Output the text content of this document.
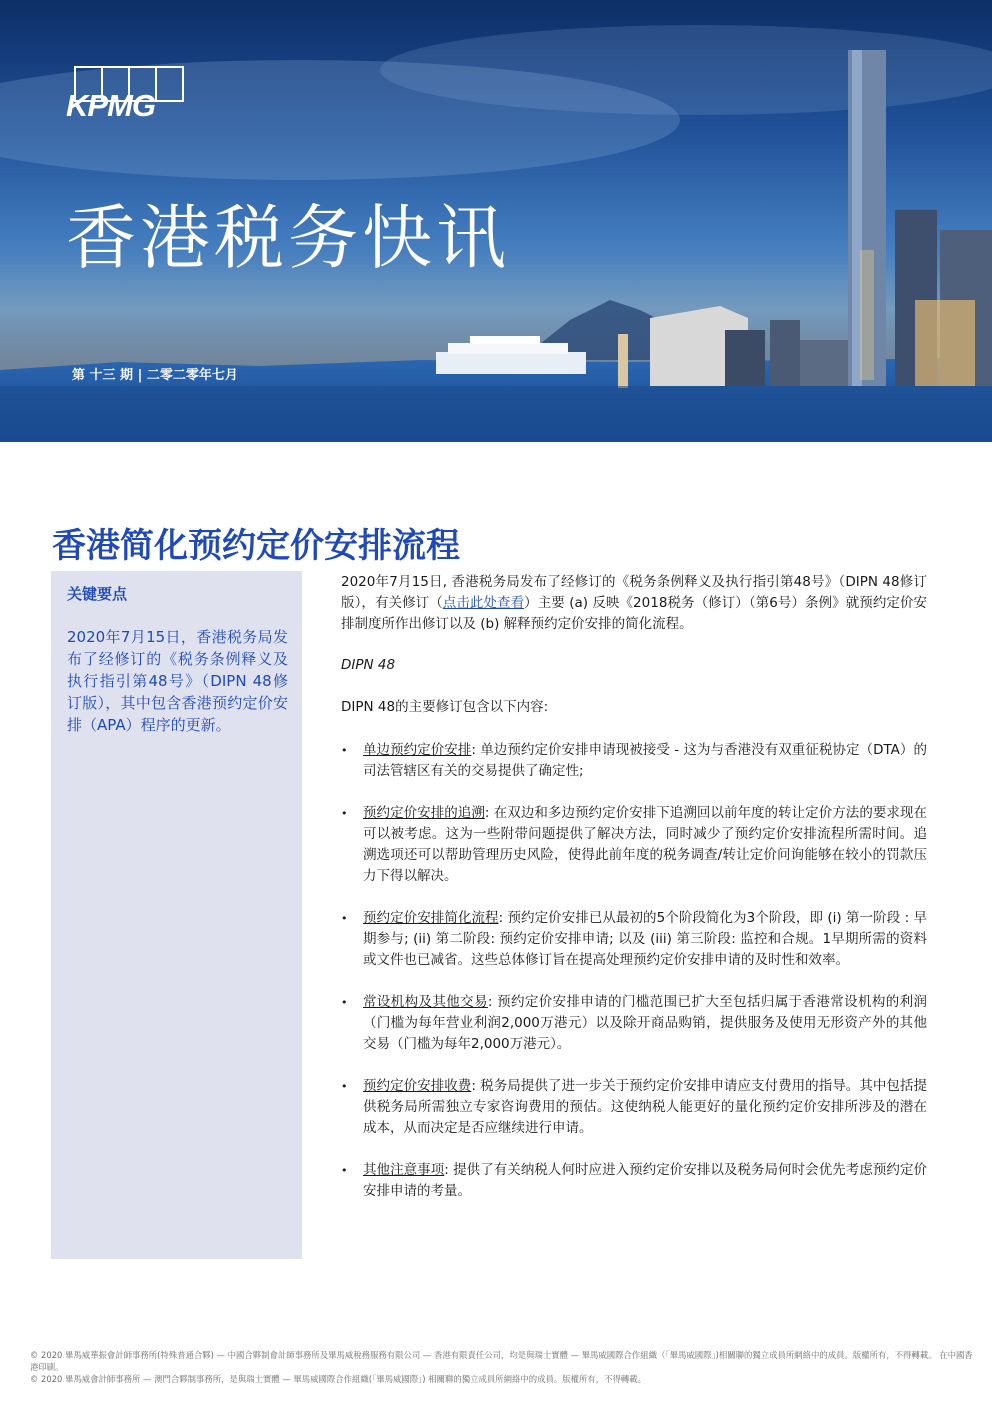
KPMG
香港税务快讯
第 十三 期 | 二零二零年七月
香港简化预约定价安排流程
关键要点

2020年7月15日，香港税务局发布了经修订的《税务条例释义及执行指引第48号》（DIPN 48修订版），其中包含香港预约定价安排（APA）程序的更新。

2020年7月15日, 香港税务局发布了经修订的《税务条例释义及执行指引第48号》（DIPN 48修订版），有关修订（点击此处查看）主要 (a) 反映《2018税务（修订）（第6号）条例》就预约定价安排制度所作出修订以及 (b) 解释预约定价安排的简化流程。

DIPN 48

DIPN 48的主要修订包含以下内容:

• 单边预约定价安排: 单边预约定价安排申请现被接受 - 这为与香港没有双重征税协定（DTA）的司法管辖区有关的交易提供了确定性;
• 预约定价安排的追溯: 在双边和多边预约定价安排下追溯回以前年度的转让定价方法的要求现在可以被考虑。这为一些附带问题提供了解决方法，同时减少了预约定价安排流程所需时间。追溯选项还可以帮助管理历史风险，使得此前年度的税务调查/转让定价问询能够在较小的罚款压力下得以解决。
• 预约定价安排简化流程: 预约定价安排已从最初的5个阶段简化为3个阶段，即 (i) 第一阶段 : 早期参与; (ii) 第二阶段: 预约定价安排申请; 以及 (iii) 第三阶段: 监控和合规。1早期所需的资料或文件也已减省。这些总体修订旨在提高处理预约定价安排申请的及时性和效率。
• 常设机构及其他交易: 预约定价安排申请的门槛范围已扩大至包括归属于香港常设机构的利润（门槛为每年营业利润2,000万港元）以及除开商品购销，提供服务及使用无形资产外的其他交易（门槛为每年2,000万港元）。
• 预约定价安排收费: 税务局提供了进一步关于预约定价安排申请应支付费用的指导。其中包括提供税务局所需独立专家咨询费用的预估。这使纳税人能更好的量化预约定价安排所涉及的潜在成本，从而决定是否应继续进行申请。
• 其他注意事项: 提供了有关纳税人何时应进入预约定价安排以及税务局何时会优先考虑预约定价安排申请的考量。

© 2020 畢馬威華振會計師事務所(特殊普通合夥) — 中國合夥制會計師事務所及畢馬威稅務服務有限公司 — 香港有限責任公司，均是與瑞士實體 — 畢馬威國際合作組織（「畢馬威國際」)相關聯的獨立成員所網絡中的成員。版權所有，不得轉載。 在中國香港印刷。

© 2020 畢馬威會計師事務所 — 澳門合夥制事務所，是與瑞士實體 — 畢馬威國際合作組織(「畢馬威國際」) 相關聯的獨立成員所網絡中的成員。版權所有，不得轉載。
